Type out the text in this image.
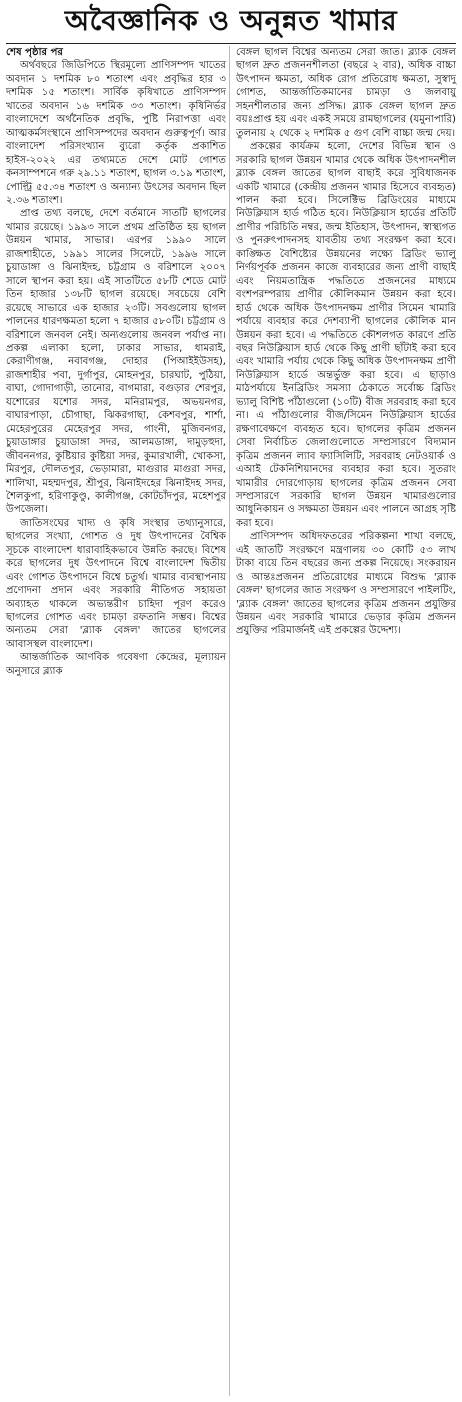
অবৈজ্ঞানিক ও অনুন্নত খামার

শেষ পৃষ্ঠার পর

অর্থবছরে জিডিপিতে স্থিরমূল্যে প্রাণিসম্পদ খাতের অবদান ১ দশমিক ৮০ শতাংশ এবং প্রবৃদ্ধির হার ৩ দশমিক ১৫ শতাংশ। সার্বিক কৃষিখাতে প্রাণিসম্পদ খাতের অবদান ১৬ দশমিক ৩৩ শতাংশ। কৃষিনির্ভর বাংলাদেশে অর্থনৈতিক প্রবৃদ্ধি, পুষ্টি নিরাপত্তা এবং আত্মকর্মসংস্থানে প্রাণিসম্পদের অবদান গুরুত্বপূর্ণ। আর বাংলাদেশ পরিসংখ্যান ব্যুরো কর্তৃক প্রকাশিত হাইস-২০২২ এর তথ্যমতে দেশে মোট গোশত কনসাম্পশনে গরু ২৯.১১ শতাংশ, ছাগল ৩.১৯ শতাংশ, পোল্ট্রি ৫৫.৩৪ শতাংশ ও অন্যান্য উৎসের অবদান ছিল ২.৩৬ শতাংশ।

প্রাপ্ত তথ্য বলছে, দেশে বর্তমানে সাতটি ছাগলের খামার রয়েছে। ১৯৯৩ সালে প্রথম প্রতিষ্ঠিত হয় ছাগল উন্নয়ন খামার, সাভার। এরপর ১৯৯০ সালে রাজশাহীতে, ১৯৯১ সালের সিলেটে, ১৯৯৬ সালে চুয়াডাঙ্গা ও ঝিনাইদহ, চট্টগ্রাম ও বরিশালে ২০০৭ সালে স্থাপন করা হয়। এই সাতটিতে ৫৮টি শেডে মোট তিন হাজার ১৩৮টি ছাগল রয়েছে। সবচেয়ে বেশি রয়েছে সাভারে এক হাজার ২৩টি। সবগুলোয় ছাগল পালনের ধারণক্ষমতা হলো ৭ হাজার ৫৮০টি। চট্টগ্রাম ও বরিশালে জনবল নেই। অন্যগুলোয় জনবল পর্যাপ্ত না। প্রকল্প এলাকা হলো, ঢাকার সাভার, ধামরাই, কেরাণীগঞ্জ, নবাবগঞ্জ, দোহার (পিআইইউসহ), রাজশাহীর পবা, দুর্গাপুর, মোহনপুর, চারঘাট, পুঠিয়া, বাঘা, গোদাগাড়ী, তানোর, বাগমারা, বগুড়ার শেরপুর, যশোরের যশোর সদর, মনিরামপুর, অভয়নগর, বাঘারপাড়া, চৌগাছা, ঝিকরগাছা, কেশবপুর, শার্শা, মেহেরপুরের মেহেরপুর সদর, গাংনী, মুজিবনগর, চুয়াডাঙ্গার চুয়াডাঙ্গা সদর, আলমডাঙ্গা, দামুড়হুদা, জীবননগর, কুষ্টিয়ার কুষ্টিয়া সদর, কুমারখালী, খোকসা, মিরপুর, দৌলতপুর, ভেড়ামারা, মাগুরার মাগুরা সদর, শালিখা, মহম্মদপুর, শ্রীপুর, ঝিনাইদহের ঝিনাইদহ সদর, শৈলকুপা, হরিণাকুণ্ডু, কালীগঞ্জ, কোটচাঁদপুর, মহেশপুর উপজেলা।

জাতিসংঘের খাদ্য ও কৃষি সংস্থার তথ্যানুসারে, ছাগলের সংখ্যা, গোশত ও দুধ উৎপাদনের বৈশ্বিক সূচকে বাংলাদেশ ধারাবাহিকভাবে উন্নতি করছে। বিশেষ করে ছাগলের দুধ উৎপাদনে বিশ্বে বাংলাদেশ দ্বিতীয় এবং গোশত উৎপাদনে বিশ্বে চতুর্থ। খামার ব্যবস্থাপনায় প্রণোদনা প্রদান এবং সরকারি নীতিগত সহায়তা অব্যাহত থাকলে অভ্যন্তরীণ চাহিদা পূরণ করেও ছাগলের গোশত এবং চামড়া রফতানি সম্ভব। বিশ্বের অন্যতম সেরা 'ব্ল্যাক বেঙ্গল' জাতের ছাগলের আবাসস্থল বাংলাদেশ।

আন্তর্জাতিক আণবিক গবেষণা কেন্দ্রের, মূল্যায়ন অনুসারে ব্ল্যাক

বেঙ্গল ছাগল বিশ্বের অন্যতম সেরা জাত। ব্ল্যাক বেঙ্গল ছাগল দ্রুত প্রজননশীলতা (বছরে ২ বার), অধিক বাচ্চা উৎপাদন ক্ষমতা, অধিক রোগ প্রতিরোধ ক্ষমতা, সুস্বাদু গোশত, আন্তর্জাতিকমানের চামড়া ও জলবায়ু সহনশীলতার জন্য প্রসিদ্ধ। ব্ল্যাক বেঙ্গল ছাগল দ্রুত বয়ঃপ্রাপ্ত হয় এবং একই সময়ে রামছাগলের (যমুনাপারি) তুলনায় ২ থেকে ২ দশমিক ৫ গুণ বেশি বাচ্চা জন্ম দেয়।

প্রকল্পের কার্যক্রম হলো, দেশের বিভিন্ন স্থান ও সরকারি ছাগল উন্নয়ন খামার থেকে অধিক উৎপাদনশীল ব্ল্যাক বেঙ্গল জাতের ছাগল বাছাই করে সুবিধাজনক একটি খামারে (কেন্দ্রীয় প্রজনন খামার হিসেবে ব্যবহৃত) পালন করা হবে। সিলেক্টিভ ব্রিডিংয়ের মাধ্যমে নিউক্লিয়াস হার্ড গঠিত হবে। নিউক্লিয়াস হার্ডের প্রতিটি প্রাণীর পরিচিতি নম্বর, জন্ম ইতিহাস, উৎপাদন, স্বাস্থ্যগত ও পুনরুৎপাদনসহ যাবতীয় তথ্য সংরক্ষণ করা হবে। কাঙ্ক্ষিত বৈশিষ্ট্যের উন্নয়নের লক্ষ্যে ব্রিডিং ভ্যালু নির্ণয়পূর্বক প্রজনন কাজে ব্যবহারের জন্য প্রাণী বাছাই এবং নিয়মতান্ত্রিক পদ্ধতিতে প্রজননের মাধ্যমে বংশপরম্পরায় প্রাণীর কৌলিকমান উন্নয়ন করা হবে। হার্ড থেকে অধিক উৎপাদনক্ষম প্রাণীর সিমেন খামারি পর্যায়ে ব্যবহার করে দেশব্যাপী ছাগলের কৌলিক মান উন্নয়ন করা হবে। এ পদ্ধতিতে কৌশলগত কারণে প্রতি বছর নিউক্লিয়াস হার্ড থেকে কিছু প্রাণী ছাঁটাই করা হবে এবং খামারি পর্যায় থেকে কিছু অধিক উৎপাদনক্ষম প্রাণী নিউক্লিয়াস হার্ডে অন্তর্ভুক্ত করা হবে। এ ছাড়াও মাঠপর্যায়ে ইনব্রিডিং সমস্যা ঠেকাতে সর্বোচ্চ ব্রিডিং ভ্যালু বিশিষ্ট পাঁঠাগুলো (১০টি) বীজ সরবরাহ করা হবে না। এ পাঁঠাগুলোর বীজ/সিমেন নিউক্লিয়াস হার্ডের রক্ষণাবেক্ষণে ব্যবহৃত হবে। ছাগলের কৃত্রিম প্রজনন সেবা নির্বাচিত জেলাগুলোতে সম্প্রসারণে বিদ্যমান কৃত্রিম প্রজনন ল্যাব ফ্যাসিলিটি, সরবরাহ নেটওয়ার্ক ও এআই টেকনিশিয়ানদের ব্যবহার করা হবে। সুতরাং খামারীর দোরগোড়ায় ছাগলের কৃত্রিম প্রজনন সেবা সম্প্রসারণে সরকারি ছাগল উন্নয়ন খামারগুলোর আধুনিকায়ন ও সক্ষমতা উন্নয়ন এবং পালনে আগ্রহ সৃষ্টি করা হবে।

প্রাণিসম্পদ অধিদফতরের পরিকল্পনা শাখা বলছে, এই জাতটি সংরক্ষণে মন্ত্রণালয় ৩০ কোটি ৫৩ লাখ টাকা ব্যয়ে তিন বছরের জন্য প্রকল্প নিয়েছে। সংকরায়ন ও আন্তঃপ্রজনন প্রতিরোধের মাধ্যমে বিশুদ্ধ 'ব্ল্যাক বেঙ্গল' ছাগলের জাত সংরক্ষণ ও সম্প্রসারণে পাইলটিং, 'ব্ল্যাক বেঙ্গল' জাতের ছাগলের কৃত্রিম প্রজনন প্রযুক্তির উন্নয়ন এবং সরকারি খামারে ভেড়ার কৃত্রিম প্রজনন প্রযুক্তির পরিমার্জনই এই প্রকল্পের উদ্দেশ্য।
